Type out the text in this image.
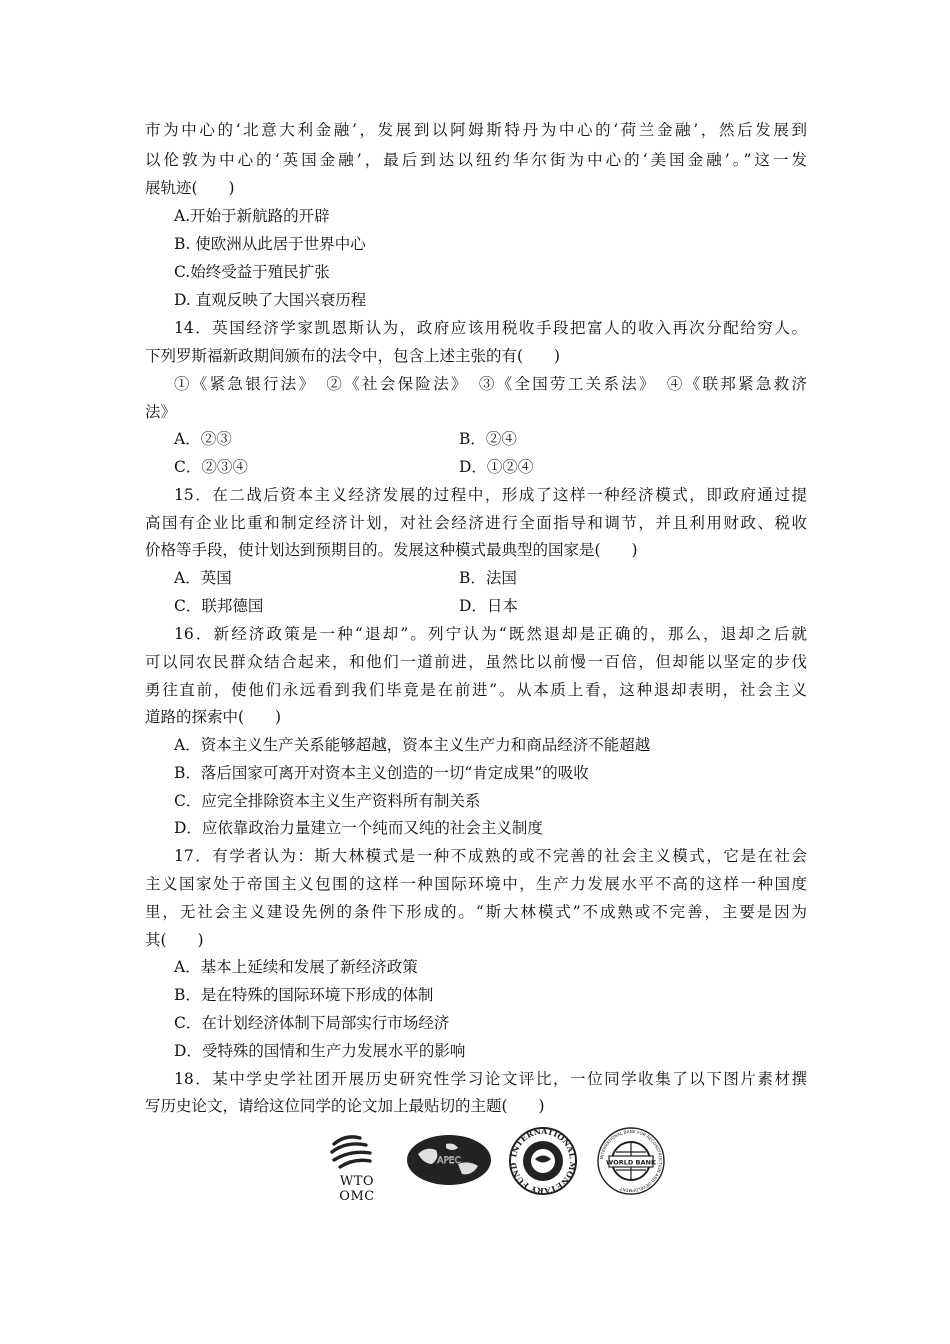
市为中心的‘北意大利金融’，发展到以阿姆斯特丹为中心的‘荷兰金融’，然后发展到
以伦敦为中心的‘英国金融’，最后到达以纽约华尔街为中心的‘美国金融’。”这一发
展轨迹(　　)
A.开始于新航路的开辟
B. 使欧洲从此居于世界中心
C.始终受益于殖民扩张
D. 直观反映了大国兴衰历程
14．英国经济学家凯恩斯认为，政府应该用税收手段把富人的收入再次分配给穷人。
下列罗斯福新政期间颁布的法令中，包含上述主张的有(　　)
①《紧急银行法》　②《社会保险法》　③《全国劳工关系法》　④《联邦紧急救济
法》
A．②③	B．②④
C．②③④	D．①②④
15．在二战后资本主义经济发展的过程中，形成了这样一种经济模式，即政府通过提
高国有企业比重和制定经济计划，对社会经济进行全面指导和调节，并且利用财政、税收
价格等手段，使计划达到预期目的。发展这种模式最典型的国家是(　　)
A．英国	B．法国
C．联邦德国	D．日本
16．新经济政策是一种“退却”。列宁认为“既然退却是正确的，那么，退却之后就
可以同农民群众结合起来，和他们一道前进，虽然比以前慢一百倍，但却能以坚定的步伐
勇往直前，使他们永远看到我们毕竟是在前进”。从本质上看，这种退却表明，社会主义
道路的探索中(　　)
A．资本主义生产关系能够超越，资本主义生产力和商品经济不能超越
B．落后国家可离开对资本主义创造的一切“肯定成果”的吸收
C．应完全排除资本主义生产资料所有制关系
D．应依靠政治力量建立一个纯而又纯的社会主义制度
17．有学者认为：斯大林模式是一种不成熟的或不完善的社会主义模式，它是在社会
主义国家处于帝国主义包围的这样一种国际环境中，生产力发展水平不高的这样一种国度
里，无社会主义建设先例的条件下形成的。“斯大林模式”不成熟或不完善，主要是因为
其(　　)
A．基本上延续和发展了新经济政策
B．是在特殊的国际环境下形成的体制
C．在计划经济体制下局部实行市场经济
D．受特殊的国情和生产力发展水平的影响
18．某中学史学社团开展历史研究性学习论文评比，一位同学收集了以下图片素材撰
写历史论文，请给这位同学的论文加上最贴切的主题(　　)
WTO OMC
APEC
INTERNATIONAL MONETARY FUND	WORLD BANK
INTERNATIONAL BANK FOR RECONSTRUCTION AND DEVELOPMENT
